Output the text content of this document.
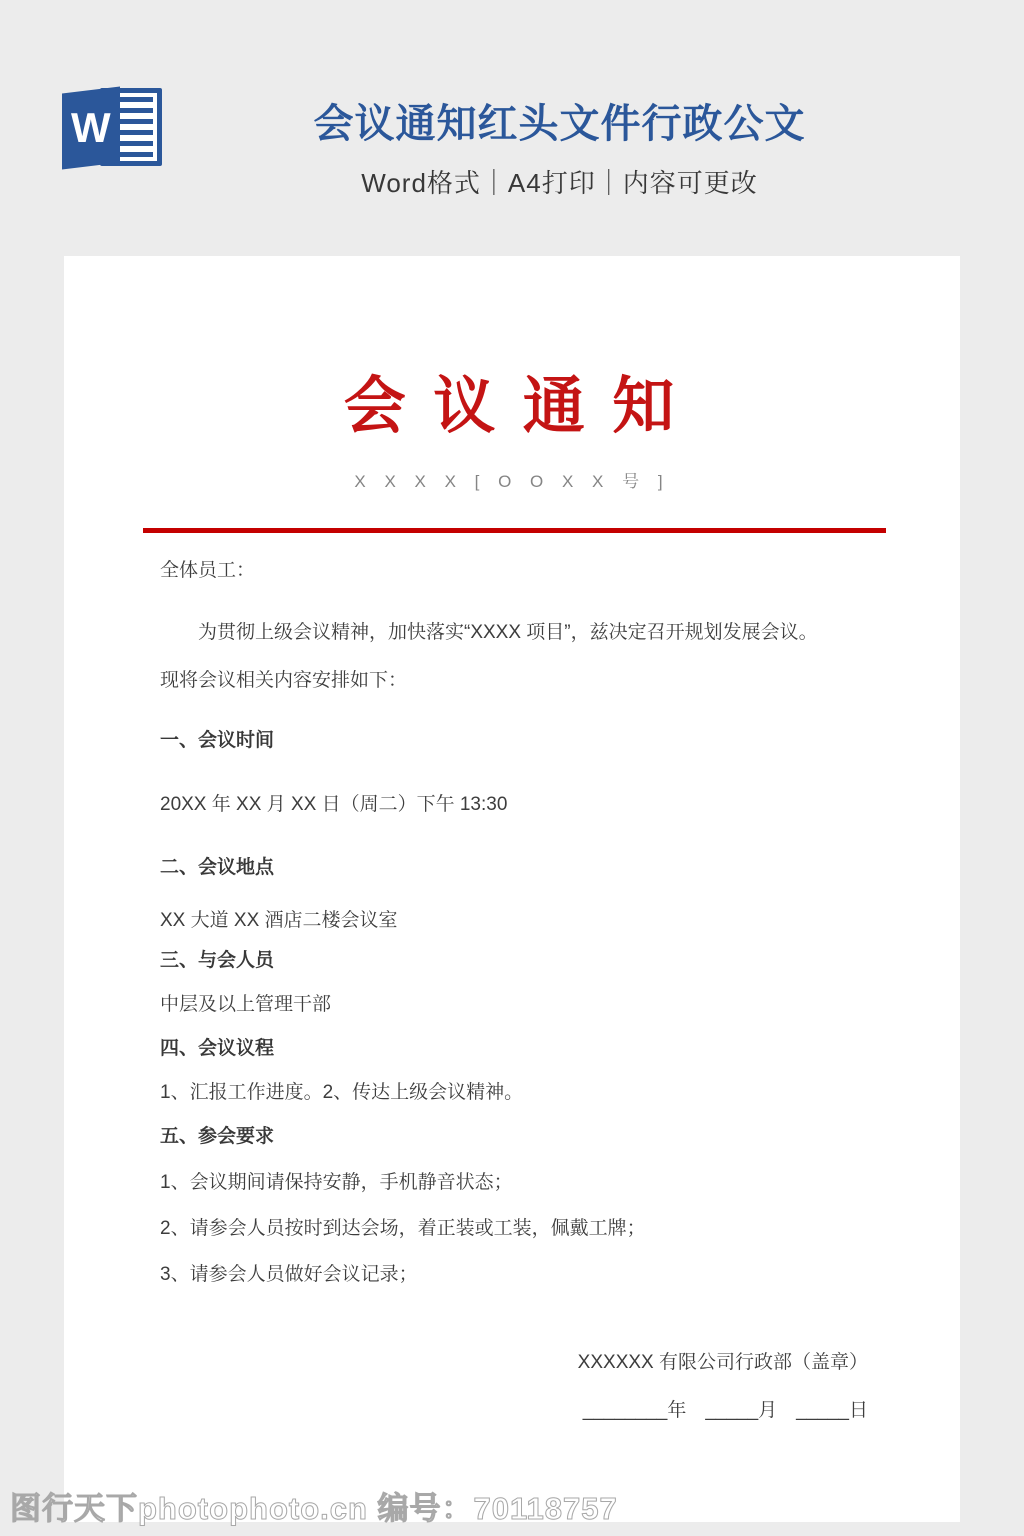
W	会议通知红头文件行政公文
Word格式｜A4打印｜内容可更改
会 议 通 知

X X X X [ O O X X 号 ]

全体员工：

为贯彻上级会议精神，加快落实“XXXX 项目”，兹决定召开规划发展会议。

现将会议相关内容安排如下：

一、会议时间

20XX 年 XX 月 XX 日（周二）下午 13:30

二、会议地点

XX 大道 XX 酒店二楼会议室

三、与会人员

中层及以上管理干部

四、会议议程

1、汇报工作进度。2、传达上级会议精神。

五、参会要求

1、会议期间请保持安静，手机静音状态；

2、请参会人员按时到达会场，着正装或工装，佩戴工牌；

3、请参会人员做好会议记录；

XXXXXX 有限公司行政部（盖章）

________年　_____月　_____日

图行天下photophoto.cn 编号：70118757
